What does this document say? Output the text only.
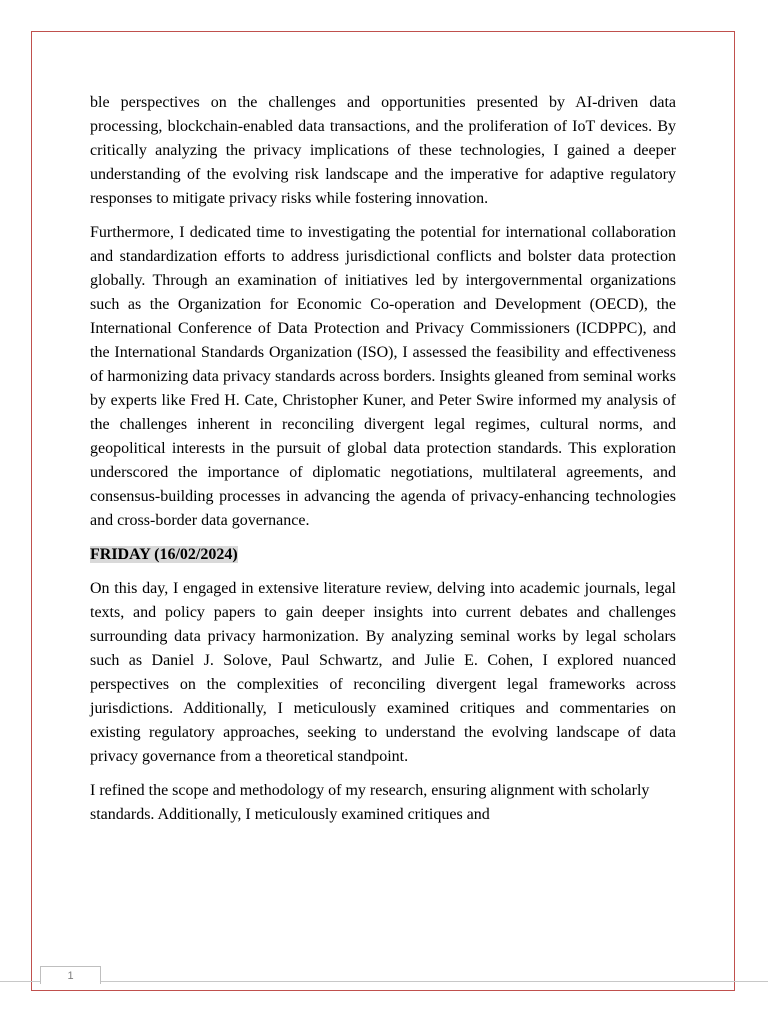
ble perspectives on the challenges and opportunities presented by AI-driven data processing, blockchain-enabled data transactions, and the proliferation of IoT devices. By critically analyzing the privacy implications of these technologies, I gained a deeper understanding of the evolving risk landscape and the imperative for adaptive regulatory responses to mitigate privacy risks while fostering innovation.

Furthermore, I dedicated time to investigating the potential for international collaboration and standardization efforts to address jurisdictional conflicts and bolster data protection globally. Through an examination of initiatives led by intergovernmental organizations such as the Organization for Economic Co-operation and Development (OECD), the International Conference of Data Protection and Privacy Commissioners (ICDPPC), and the International Standards Organization (ISO), I assessed the feasibility and effectiveness of harmonizing data privacy standards across borders. Insights gleaned from seminal works by experts like Fred H. Cate, Christopher Kuner, and Peter Swire informed my analysis of the challenges inherent in reconciling divergent legal regimes, cultural norms, and geopolitical interests in the pursuit of global data protection standards. This exploration underscored the importance of diplomatic negotiations, multilateral agreements, and consensus-building processes in advancing the agenda of privacy-enhancing technologies and cross-border data governance.

FRIDAY (16/02/2024)

On this day, I engaged in extensive literature review, delving into academic journals, legal texts, and policy papers to gain deeper insights into current debates and challenges surrounding data privacy harmonization. By analyzing seminal works by legal scholars such as Daniel J. Solove, Paul Schwartz, and Julie E. Cohen, I explored nuanced perspectives on the complexities of reconciling divergent legal frameworks across jurisdictions. Additionally, I meticulously examined critiques and commentaries on existing regulatory approaches, seeking to understand the evolving landscape of data privacy governance from a theoretical standpoint.

I refined the scope and methodology of my research, ensuring alignment with scholarly standards. Additionally, I meticulously examined critiques and

1
